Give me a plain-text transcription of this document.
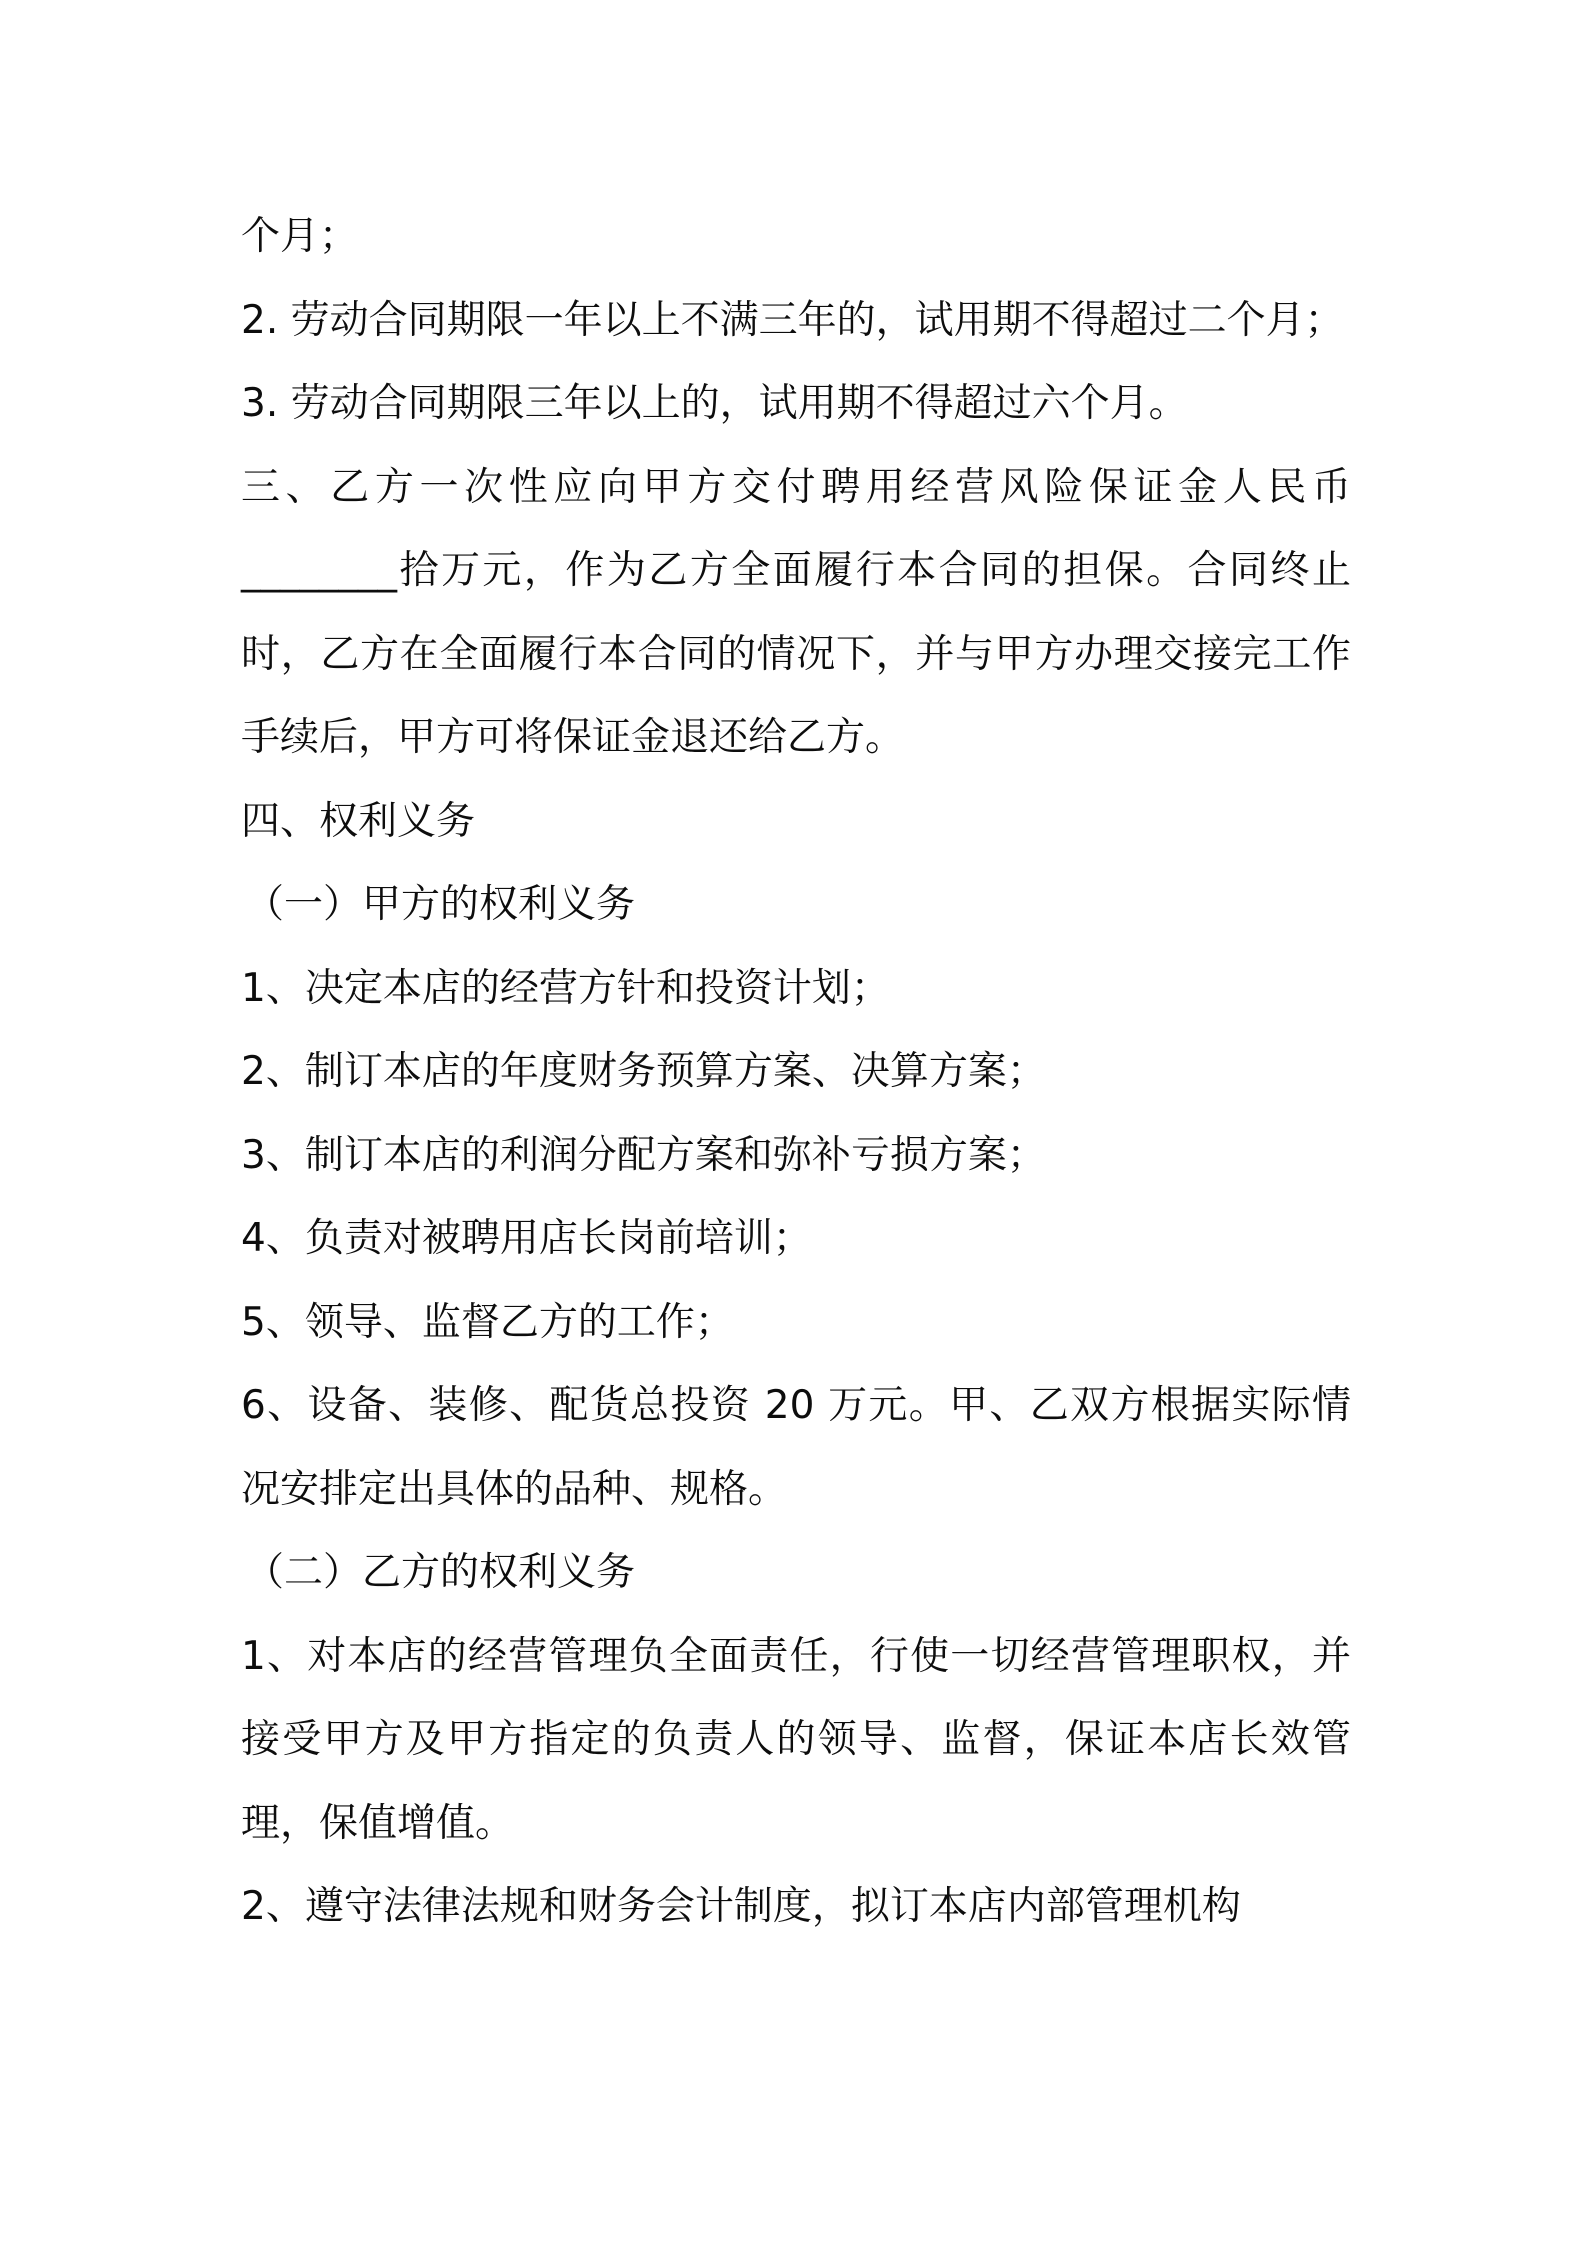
个月；

2. 劳动合同期限一年以上不满三年的，试用期不得超过二个月；

3. 劳动合同期限三年以上的，试用期不得超过六个月。

三、乙方一次性应向甲方交付聘用经营风险保证金人民币________拾万元，作为乙方全面履行本合同的担保。合同终止时，乙方在全面履行本合同的情况下，并与甲方办理交接完工作手续后，甲方可将保证金退还给乙方。

四、权利义务

（一）甲方的权利义务

1、决定本店的经营方针和投资计划；

2、制订本店的年度财务预算方案、决算方案；

3、制订本店的利润分配方案和弥补亏损方案；

4、负责对被聘用店长岗前培训；

5、领导、监督乙方的工作；

6、设备、装修、配货总投资 20 万元。甲、乙双方根据实际情况安排定出具体的品种、规格。

（二）乙方的权利义务

1、对本店的经营管理负全面责任，行使一切经营管理职权，并接受甲方及甲方指定的负责人的领导、监督，保证本店长效管理，保值增值。

2、遵守法律法规和财务会计制度，拟订本店内部管理机构
